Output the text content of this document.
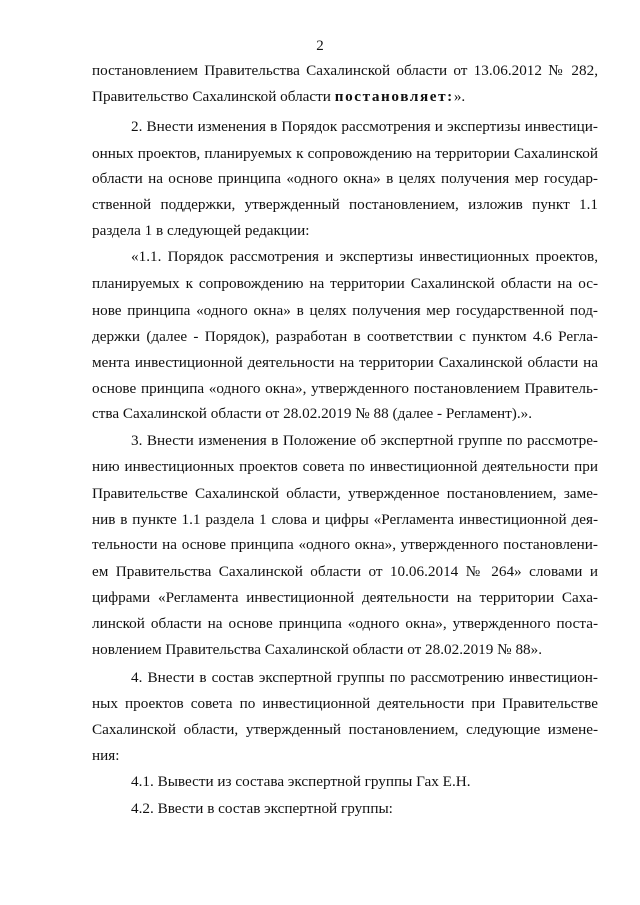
2
постановлением Правительства Сахалинской области от 13.06.2012 № 282,
Правительство Сахалинской области постановляет:».
2. Внести изменения в Порядок рассмотрения и экспертизы инвестици-
онных проектов, планируемых к сопровождению на территории Сахалинской
области на основе принципа «одного окна» в целях получения мер государ-
ственной поддержки, утвержденный постановлением, изложив пункт 1.1
раздела 1 в следующей редакции:
«1.1. Порядок рассмотрения и экспертизы инвестиционных проектов,
планируемых к сопровождению на территории Сахалинской области на ос-
нове принципа «одного окна» в целях получения мер государственной под-
держки (далее - Порядок), разработан в соответствии с пунктом 4.6 Регла-
мента инвестиционной деятельности на территории Сахалинской области на
основе принципа «одного окна», утвержденного постановлением Правитель-
ства Сахалинской области от 28.02.2019 № 88 (далее - Регламент).».
3. Внести изменения в Положение об экспертной группе по рассмотре-
нию инвестиционных проектов совета по инвестиционной деятельности при
Правительстве Сахалинской области, утвержденное постановлением, заме-
нив в пункте 1.1 раздела 1 слова и цифры «Регламента инвестиционной дея-
тельности на основе принципа «одного окна», утвержденного постановлени-
ем Правительства Сахалинской области от 10.06.2014 № 264» словами и
цифрами «Регламента инвестиционной деятельности на территории Саха-
линской области на основе принципа «одного окна», утвержденного поста-
новлением Правительства Сахалинской области от 28.02.2019 № 88».
4. Внести в состав экспертной группы по рассмотрению инвестицион-
ных проектов совета по инвестиционной деятельности при Правительстве
Сахалинской области, утвержденный постановлением, следующие измене-
ния:
4.1. Вывести из состава экспертной группы Гах Е.Н.
4.2. Ввести в состав экспертной группы:
